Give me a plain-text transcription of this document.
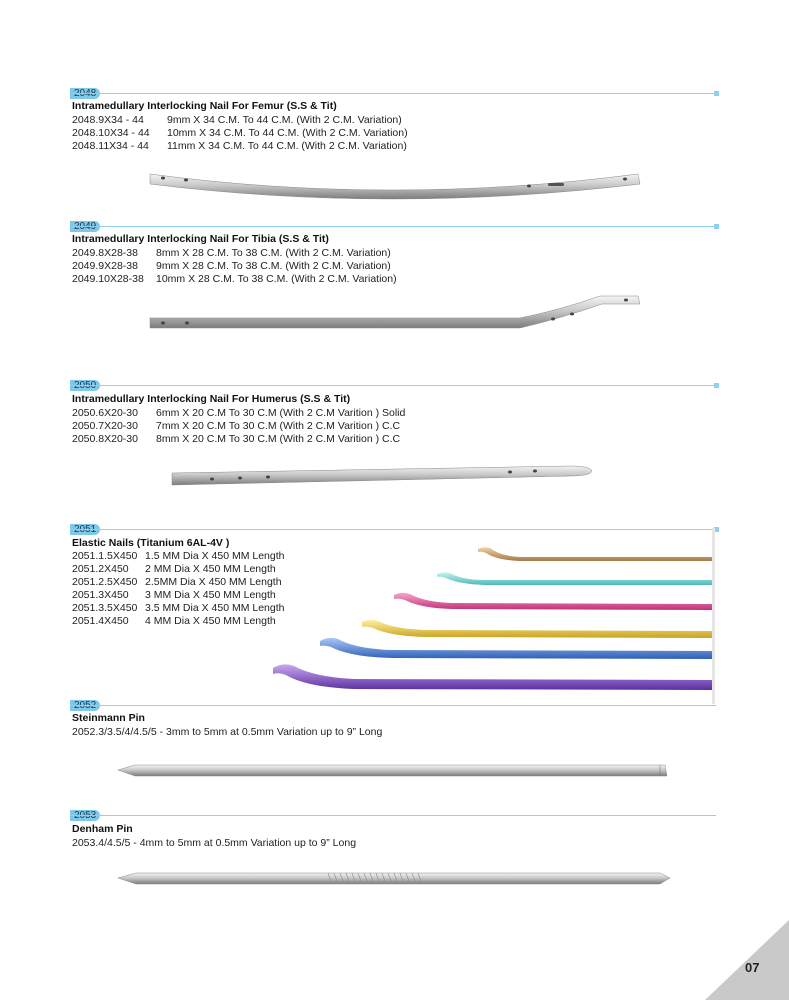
Intramedullary Interlocking Nail For Femur (S.S & Tit)
2048.9X34 - 44 9mm X 34 C.M. To 44 C.M. (With 2 C.M. Variation)
2048.10X34 - 44 10mm X 34 C.M. To 44 C.M. (With 2 C.M. Variation)
2048.11X34 - 44 11mm X 34 C.M. To 44 C.M. (With 2 C.M. Variation)
Intramedullary Interlocking Nail For Tibia (S.S & Tit)
2049.8X28-38 8mm X 28 C.M. To 38 C.M. (With 2 C.M. Variation)
2049.9X28-38 9mm X 28 C.M. To 38 C.M. (With 2 C.M. Variation)
2049.10X28-38 10mm X 28 C.M. To 38 C.M. (With 2 C.M. Variation)
Intramedullary Interlocking Nail For Humerus (S.S & Tit)
2050.6X20-30 6mm X 20 C.M To 30 C.M (With 2 C.M Varition ) Solid
2050.7X20-30 7mm X 20 C.M To 30 C.M (With 2 C.M Varition ) C.C
2050.8X20-30 8mm X 20 C.M To 30 C.M (With 2 C.M Varition ) C.C
Elastic Nails (Titanium 6AL-4V )
2051.1.5X450 1.5 MM Dia X 450 MM Length
2051.2X450 2 MM Dia X 450 MM Length
2051.2.5X450 2.5MM Dia X 450 MM Length
2051.3X450 3 MM Dia X 450 MM Length
2051.3.5X450 3.5 MM Dia X 450 MM Length
2051.4X450 4 MM Dia X 450 MM Length
Steinmann Pin
2052.3/3.5/4/4.5/5 - 3mm to 5mm at 0.5mm Variation up to 9” Long
Denham Pin
2053.4/4.5/5 - 4mm to 5mm at 0.5mm Variation up to 9” Long
07
